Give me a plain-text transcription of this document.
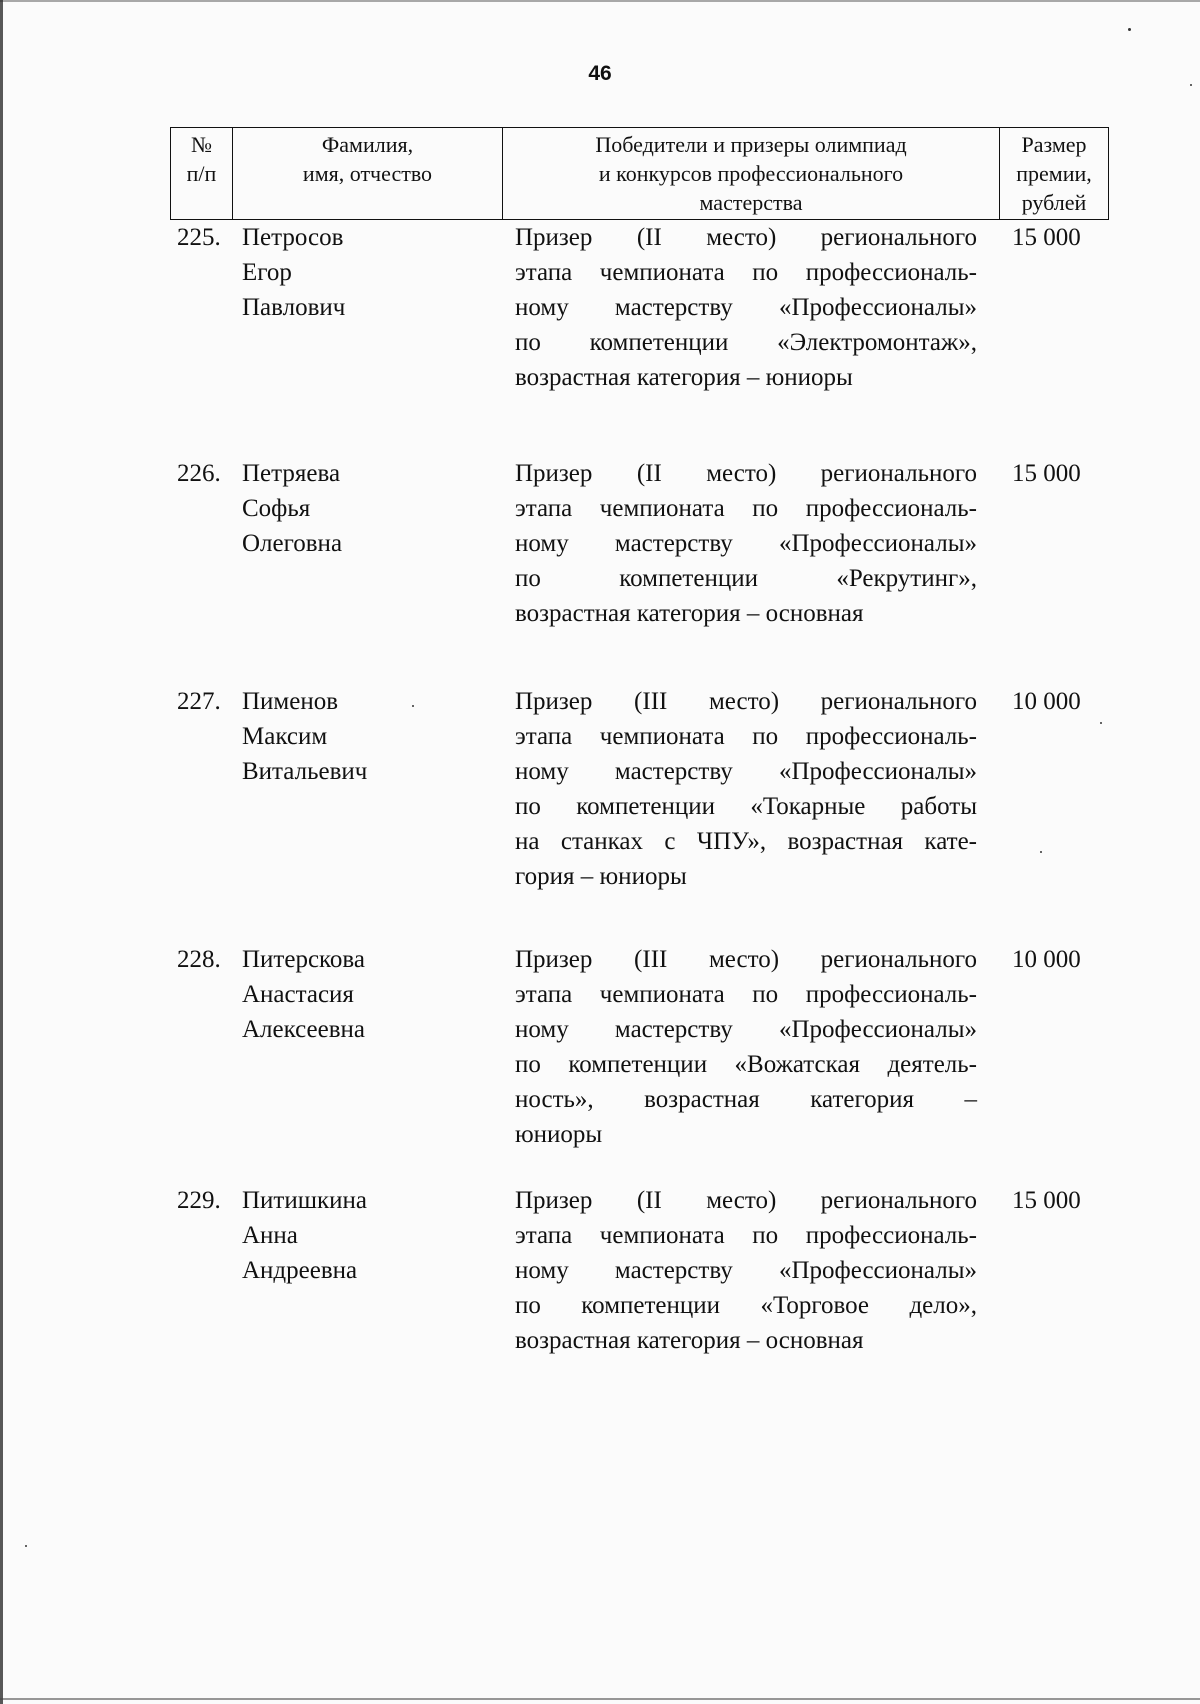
46
№
п/п
Фамилия,
имя, отчество
Победители и призеры олимпиад
и конкурсов профессионального
мастерства
Размер
премии,
рублей
225. Петросов
Егор
Павлович
Призер (II место) регионального
этапа чемпионата по профессиональ-
ному мастерству «Профессионалы»
по компетенции «Электромонтаж»,
возрастная категория – юниоры
15 000
226. Петряева
Софья
Олеговна
Призер (II место) регионального
этапа чемпионата по профессиональ-
ному мастерству «Профессионалы»
по компетенции «Рекрутинг»,
возрастная категория – основная
15 000
227. Пименов
Максим
Витальевич
Призер (III место) регионального
этапа чемпионата по профессиональ-
ному мастерству «Профессионалы»
по компетенции «Токарные работы
на станках с ЧПУ», возрастная кате-
гория – юниоры
10 000
228. Питерскова
Анастасия
Алексеевна
Призер (III место) регионального
этапа чемпионата по профессиональ-
ному мастерству «Профессионалы»
по компетенции «Вожатская деятель-
ность», возрастная категория –
юниоры
10 000
229. Питишкина
Анна
Андреевна
Призер (II место) регионального
этапа чемпионата по профессиональ-
ному мастерству «Профессионалы»
по компетенции «Торговое дело»,
возрастная категория – основная
15 000
